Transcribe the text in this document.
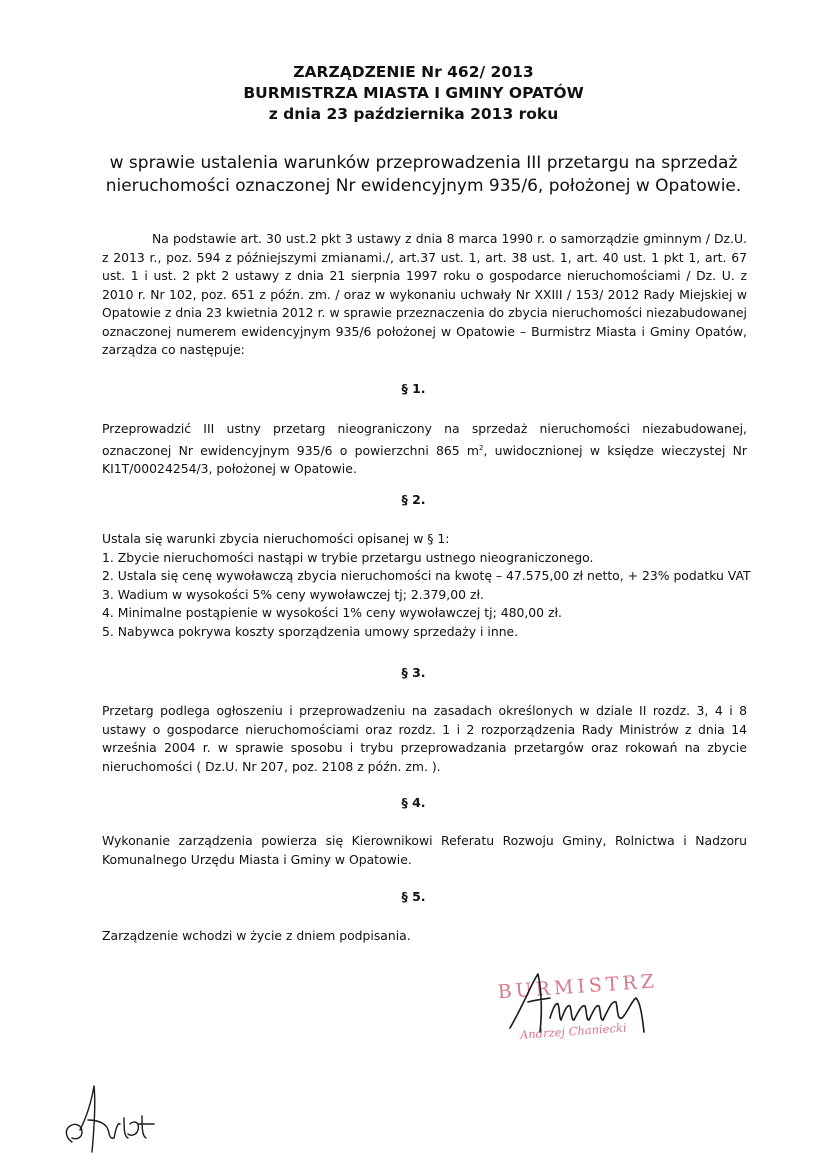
ZARZĄDZENIE Nr 462/ 2013
BURMISTRZA MIASTA I GMINY OPATÓW
z dnia 23 października 2013 roku
w sprawie ustalenia warunków przeprowadzenia III przetargu na sprzedaż
nieruchomości oznaczonej Nr ewidencyjnym 935/6, położonej w Opatowie.
Na podstawie art. 30 ust.2 pkt 3 ustawy z dnia 8 marca 1990 r. o samorządzie gminnym / Dz.U. z 2013 r., poz. 594 z późniejszymi zmianami./, art.37 ust. 1, art. 38 ust. 1, art. 40 ust. 1 pkt 1, art. 67 ust. 1 i ust. 2 pkt 2 ustawy z dnia 21 sierpnia 1997 roku o gospodarce nieruchomościami / Dz. U. z 2010 r. Nr 102, poz. 651 z późn. zm. / oraz w wykonaniu uchwały Nr XXIII / 153/ 2012 Rady Miejskiej w Opatowie z dnia 23 kwietnia 2012 r. w sprawie przeznaczenia do zbycia nieruchomości niezabudowanej oznaczonej numerem ewidencyjnym 935/6 położonej w Opatowie – Burmistrz Miasta i Gminy Opatów, zarządza co następuje:
§ 1.
Przeprowadzić III ustny przetarg nieograniczony na sprzedaż nieruchomości niezabudowanej, oznaczonej Nr ewidencyjnym 935/6 o powierzchni 865 $m^2$, uwidocznionej w księdze wieczystej Nr KI1T/00024254/3, położonej w Opatowie.
§ 2.
Ustala się warunki zbycia nieruchomości opisanej w § 1:
1. Zbycie nieruchomości nastąpi w trybie przetargu ustnego nieograniczonego.
2. Ustala się cenę wywoławczą zbycia nieruchomości na kwotę – 47.575,00 zł netto, + 23% podatku VAT
3. Wadium w wysokości 5% ceny wywoławczej tj; 2.379,00 zł.
4. Minimalne postąpienie w wysokości 1% ceny wywoławczej tj; 480,00 zł.
5. Nabywca pokrywa koszty sporządzenia umowy sprzedaży i inne.
§ 3.
Przetarg podlega ogłoszeniu i przeprowadzeniu na zasadach określonych w dziale II rozdz. 3, 4 i 8 ustawy o gospodarce nieruchomościami oraz rozdz. 1 i 2 rozporządzenia Rady Ministrów z dnia 14 września 2004 r. w sprawie sposobu i trybu przeprowadzania przetargów oraz rokowań na zbycie nieruchomości ( Dz.U. Nr 207, poz. 2108 z późn. zm. ).
§ 4.
Wykonanie zarządzenia powierza się Kierownikowi Referatu Rozwoju Gminy, Rolnictwa i Nadzoru Komunalnego Urzędu Miasta i Gminy w Opatowie.
§ 5.
Zarządzenie wchodzi w życie z dniem podpisania.
BURMISTRZ
Andrzej Chaniecki
